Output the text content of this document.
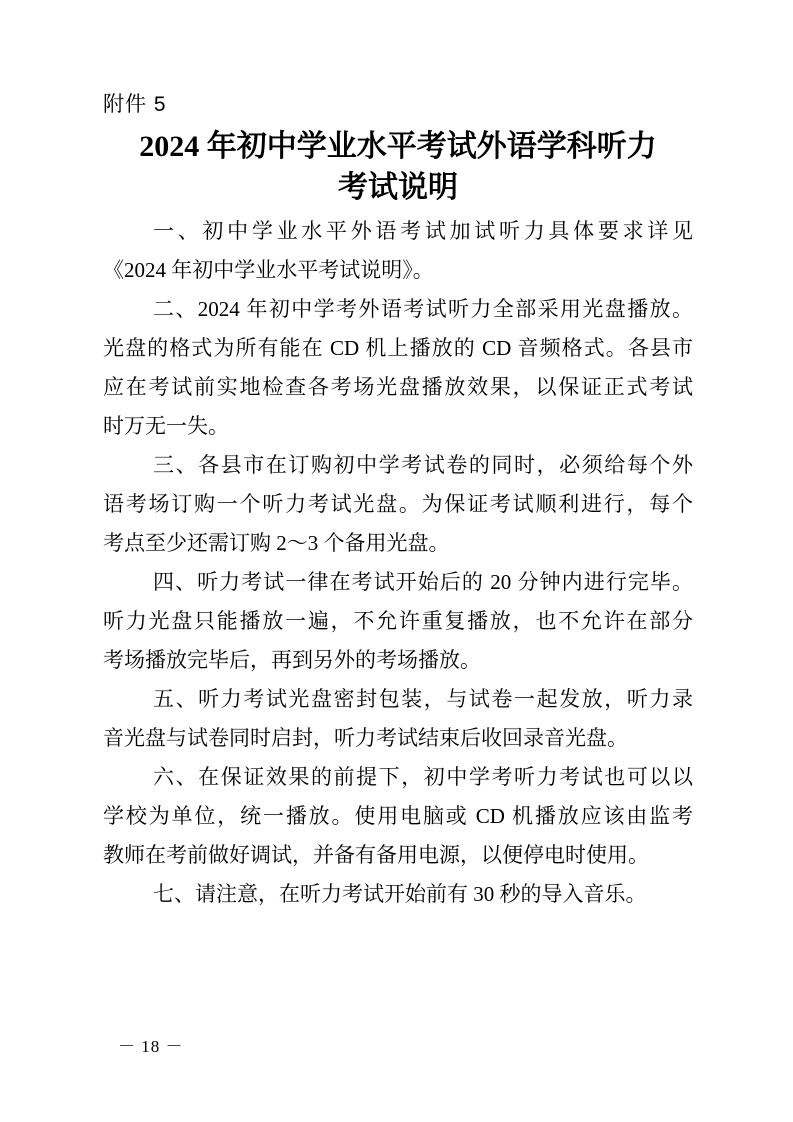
附件 5
2024 年初中学业水平考试外语学科听力
考试说明
一、初中学业水平外语考试加试听力具体要求详见
《2024 年初中学业水平考试说明》。
二、2024 年初中学考外语考试听力全部采用光盘播放。
光盘的格式为所有能在 CD 机上播放的 CD 音频格式。各县市
应在考试前实地检查各考场光盘播放效果，以保证正式考试
时万无一失。
三、各县市在订购初中学考试卷的同时，必须给每个外
语考场订购一个听力考试光盘。为保证考试顺利进行，每个
考点至少还需订购 2～3 个备用光盘。
四、听力考试一律在考试开始后的 20 分钟内进行完毕。
听力光盘只能播放一遍，不允许重复播放，也不允许在部分
考场播放完毕后，再到另外的考场播放。
五、听力考试光盘密封包装，与试卷一起发放，听力录
音光盘与试卷同时启封，听力考试结束后收回录音光盘。
六、在保证效果的前提下，初中学考听力考试也可以以
学校为单位，统一播放。使用电脑或 CD 机播放应该由监考
教师在考前做好调试，并备有备用电源，以便停电时使用。
七、请注意，在听力考试开始前有 30 秒的导入音乐。
－ 18 －
